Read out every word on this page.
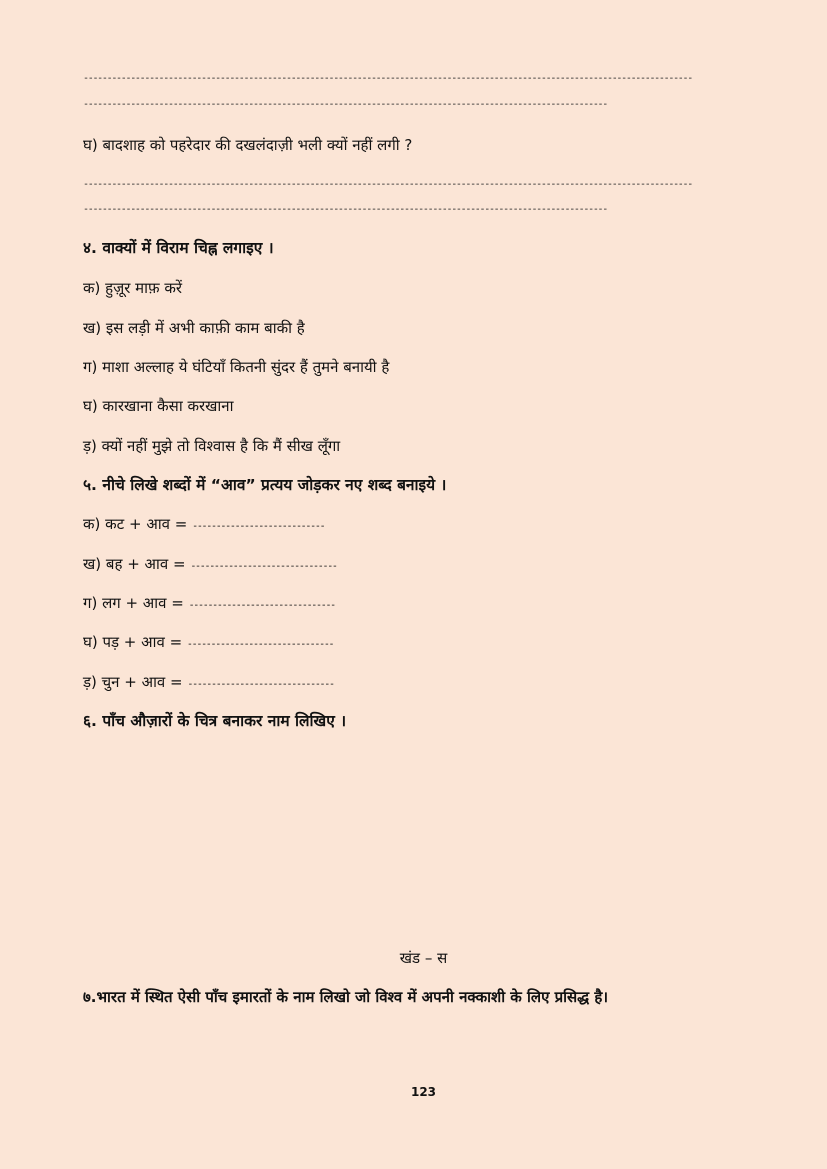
---------------------------------------------------------------------------------------------------------------------------------
---------------------------------------------------------------------------------------------------------------
घ) बादशाह को पहरेदार की दखलंदाज़ी भली क्यों नहीं लगी ?
---------------------------------------------------------------------------------------------------------------------------------
---------------------------------------------------------------------------------------------------------------
४. वाक्यों में विराम चिह्न लगाइए ।
क) हुज़ूर माफ़ करें
ख) इस लड़ी में अभी काफ़ी काम बाकी है
ग) माशा अल्लाह ये घंटियाँ कितनी सुंदर हैं तुमने बनायी है
घ) कारखाना कैसा करखाना
ड़) क्यों नहीं मुझे तो विश्वास है कि मैं सीख लूँगा
५. नीचे लिखे शब्दों में “आव” प्रत्यय जोड़कर नए शब्द बनाइये ।
क) कट + आव = ----------------------------
ख) बह + आव = -------------------------------
ग) लग + आव = -------------------------------
घ) पड़ + आव = -------------------------------
ड़) चुन + आव = -------------------------------
६. पाँच औज़ारों के चित्र बनाकर नाम लिखिए ।
खंड – स
७.भारत में स्थित ऐसी पाँच इमारतों के नाम लिखो जो विश्व में अपनी नक्काशी के लिए प्रसिद्ध है।
123
